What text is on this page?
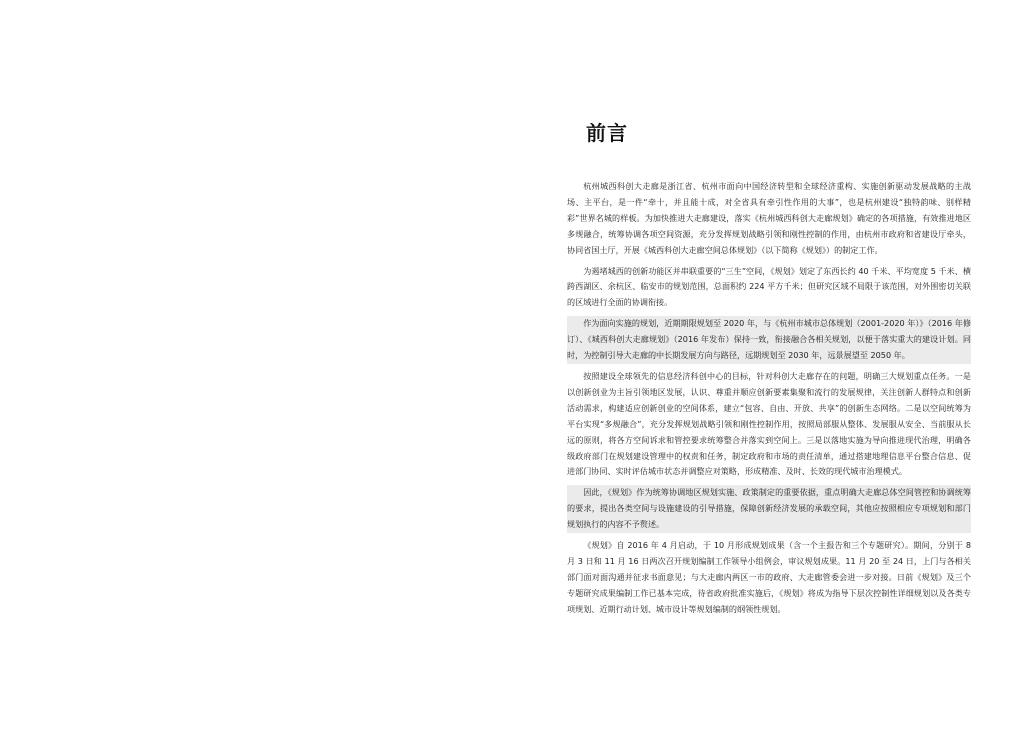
前言

杭州城西科创大走廊是浙江省、杭州市面向中国经济转型和全球经济重构、实施创新驱动发展战略的主战场、主平台，是一件“牵十，并且能十成，对全省具有牵引性作用的大事”，也是杭州建设“独特韵味、别样精彩”世界名城的样板。为加快推进大走廊建设，落实《杭州城西科创大走廊规划》确定的各项措施，有效推进地区多规融合，统筹协调各项空间资源，充分发挥规划战略引领和刚性控制的作用，由杭州市政府和省建设厅牵头，协同省国土厅，开展《城西科创大走廊空间总体规划》（以下简称《规划》）的制定工作。

为遏堵城西的创新功能区并串联重要的“三生”空间，《规划》划定了东西长约 40 千米、平均宽度 5 千米、横跨西湖区、余杭区、临安市的规划范围，总面积约 224 平方千米；但研究区域不局限于该范围，对外围密切关联的区域进行全面的协调衔接。

作为面向实施的规划，近期期限规划至 2020 年，与《杭州市城市总体规划（2001-2020 年）》（2016 年修订）、《城西科创大走廊规划》（2016 年发布）保持一致，衔接融合各相关规划，以便于落实重大的建设计划。同时，为控制引导大走廊的中长期发展方向与路径，远期规划至 2030 年，远景展望至 2050 年。

按照建设全球领先的信息经济科创中心的目标，针对科创大走廊存在的问题，明确三大规划重点任务。一是以创新创业为主旨引领地区发展，认识、尊重并顺应创新要素集聚和流行的发展规律，关注创新人群特点和创新活动需求，构建适应创新创业的空间体系，建立“包容、自由、开放、共享”的创新生态网络。二是以空间统筹为平台实现“多规融合”，充分发挥规划战略引领和刚性控制作用，按照局部服从整体、发展服从安全、当前服从长远的原则，将各方空间诉求和管控要求统筹整合并落实到空间上。三是以落地实施为导向推进现代治理，明确各级政府部门在规划建设管理中的权责和任务，制定政府和市场的责任清单，通过搭建地理信息平台整合信息、促进部门协同、实时评估城市状态并调整应对策略，形成精准、及时、长效的现代城市治理模式。

因此，《规划》作为统筹协调地区规划实施、政策制定的重要依据，重点明确大走廊总体空间管控和协调统筹的要求，提出各类空间与设施建设的引导措施，保障创新经济发展的承载空间，其他应按照相应专项规划和部门规划执行的内容不予赘述。

《规划》自 2016 年 4 月启动，于 10 月形成规划成果（含一个主报告和三个专题研究）。期间，分别于 8 月 3 日和 11 月 16 日两次召开规划编制工作领导小组例会，审议规划成果。11 月 20 至 24 日，上门与各相关部门面对面沟通并征求书面意见；与大走廊内两区一市的政府、大走廊管委会进一步对接。日前《规划》及三个专题研究成果编制工作已基本完成，待省政府批准实施后，《规划》将成为指导下层次控制性详细规划以及各类专项规划、近期行动计划、城市设计等规划编制的纲领性规划。
